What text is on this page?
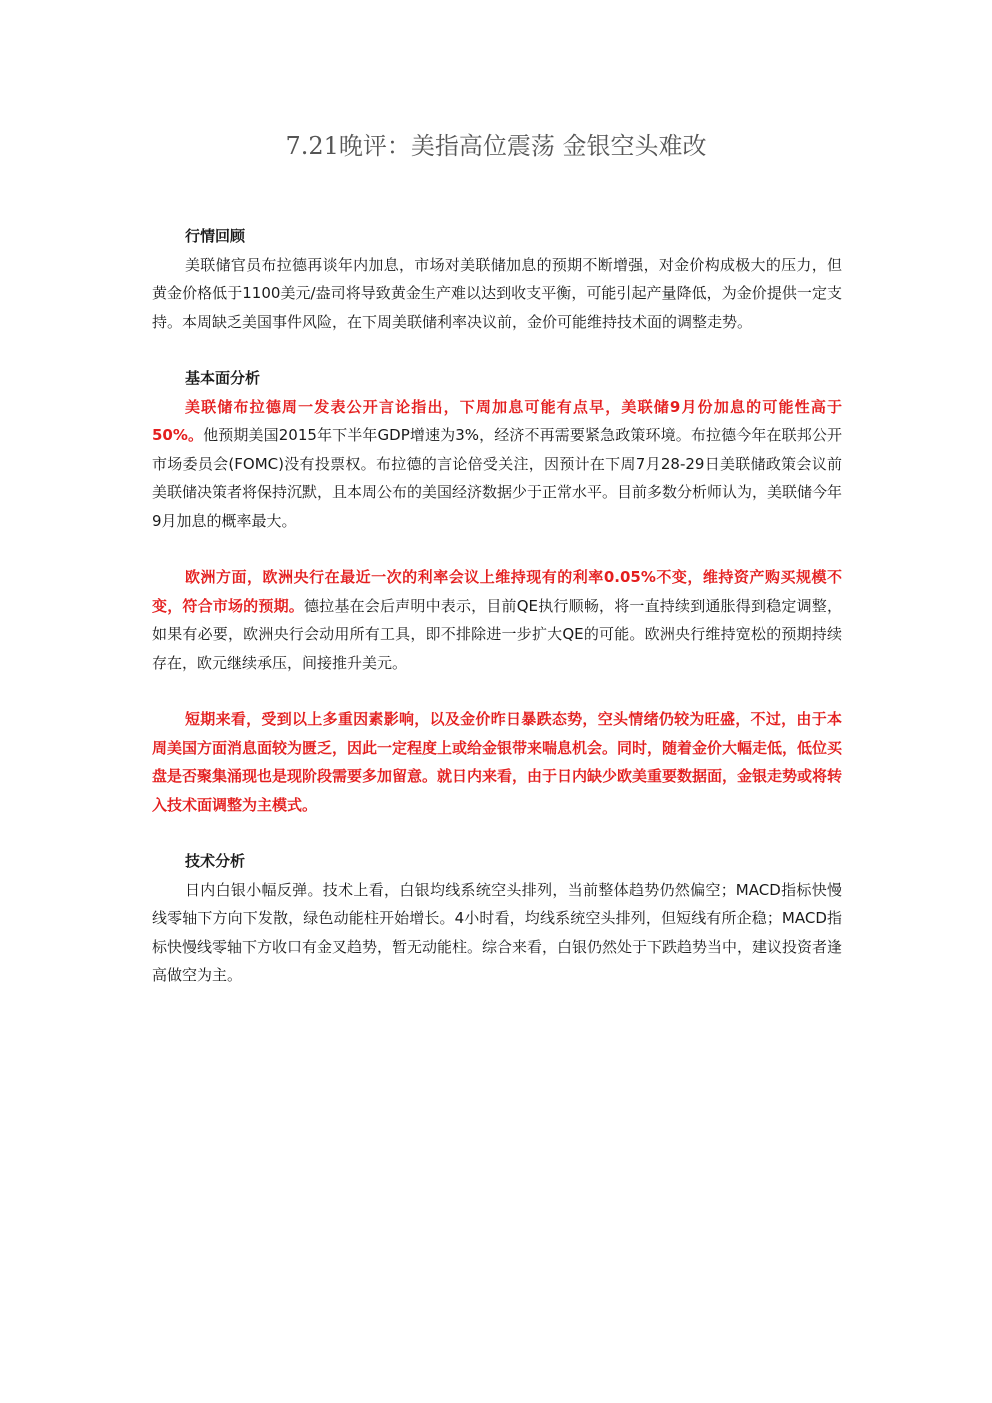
7.21晚评：美指高位震荡 金银空头难改

行情回顾

美联储官员布拉德再谈年内加息，市场对美联储加息的预期不断增强，对金价构成极大的压力，但黄金价格低于1100美元/盎司将导致黄金生产难以达到收支平衡，可能引起产量降低，为金价提供一定支持。本周缺乏美国事件风险，在下周美联储利率决议前，金价可能维持技术面的调整走势。

基本面分析

美联储布拉德周一发表公开言论指出，下周加息可能有点早，美联储9月份加息的可能性高于50%。他预期美国2015年下半年GDP增速为3%，经济不再需要紧急政策环境。布拉德今年在联邦公开市场委员会(FOMC)没有投票权。布拉德的言论倍受关注，因预计在下周7月28-29日美联储政策会议前美联储决策者将保持沉默，且本周公布的美国经济数据少于正常水平。目前多数分析师认为，美联储今年9月加息的概率最大。

欧洲方面，欧洲央行在最近一次的利率会议上维持现有的利率0.05%不变，维持资产购买规模不变，符合市场的预期。德拉基在会后声明中表示，目前QE执行顺畅，将一直持续到通胀得到稳定调整，如果有必要，欧洲央行会动用所有工具，即不排除进一步扩大QE的可能。欧洲央行维持宽松的预期持续存在，欧元继续承压，间接推升美元。

短期来看，受到以上多重因素影响，以及金价昨日暴跌态势，空头情绪仍较为旺盛，不过，由于本周美国方面消息面较为匮乏，因此一定程度上或给金银带来喘息机会。同时，随着金价大幅走低，低位买盘是否聚集涌现也是现阶段需要多加留意。就日内来看，由于日内缺少欧美重要数据面，金银走势或将转入技术面调整为主模式。

技术分析

日内白银小幅反弹。技术上看，白银均线系统空头排列，当前整体趋势仍然偏空；MACD指标快慢线零轴下方向下发散，绿色动能柱开始增长。4小时看，均线系统空头排列，但短线有所企稳；MACD指标快慢线零轴下方收口有金叉趋势，暂无动能柱。综合来看，白银仍然处于下跌趋势当中，建议投资者逢高做空为主。
